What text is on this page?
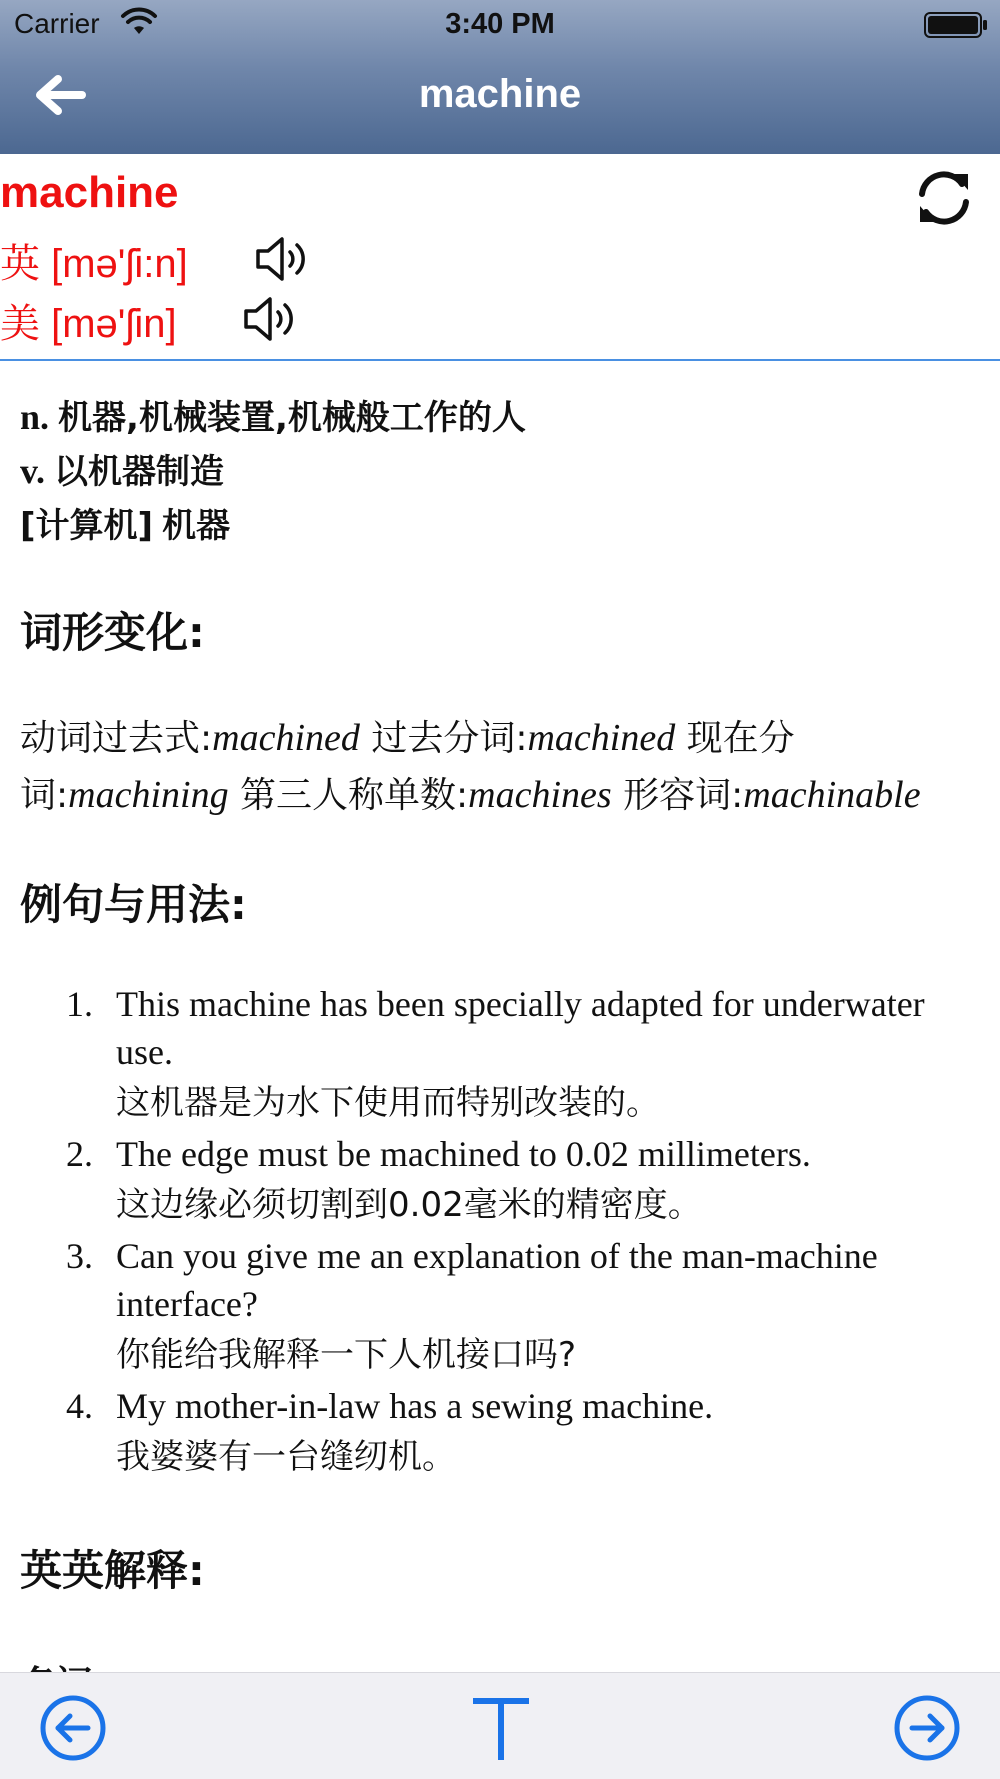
Carrier	3:40 PM
machine
machine
英 [mə'ʃi:n]
美 [mə'ʃin]
n. 机器,机械装置,机械般工作的人
v. 以机器制造
[计算机] 机器
词形变化:
动词过去式:machined 过去分词:machined 现在分词:machining 第三人称单数:machines 形容词:machinable
例句与用法:
1. This machine has been specially adapted for underwater use.
这机器是为水下使用而特别改装的。
2. The edge must be machined to 0.02 millimeters.
这边缘必须切割到0.02毫米的精密度。
3. Can you give me an explanation of the man-machine interface?
你能给我解释一下人机接口吗?
4. My mother-in-law has a sewing machine.
我婆婆有一台缝纫机。
英英解释:
